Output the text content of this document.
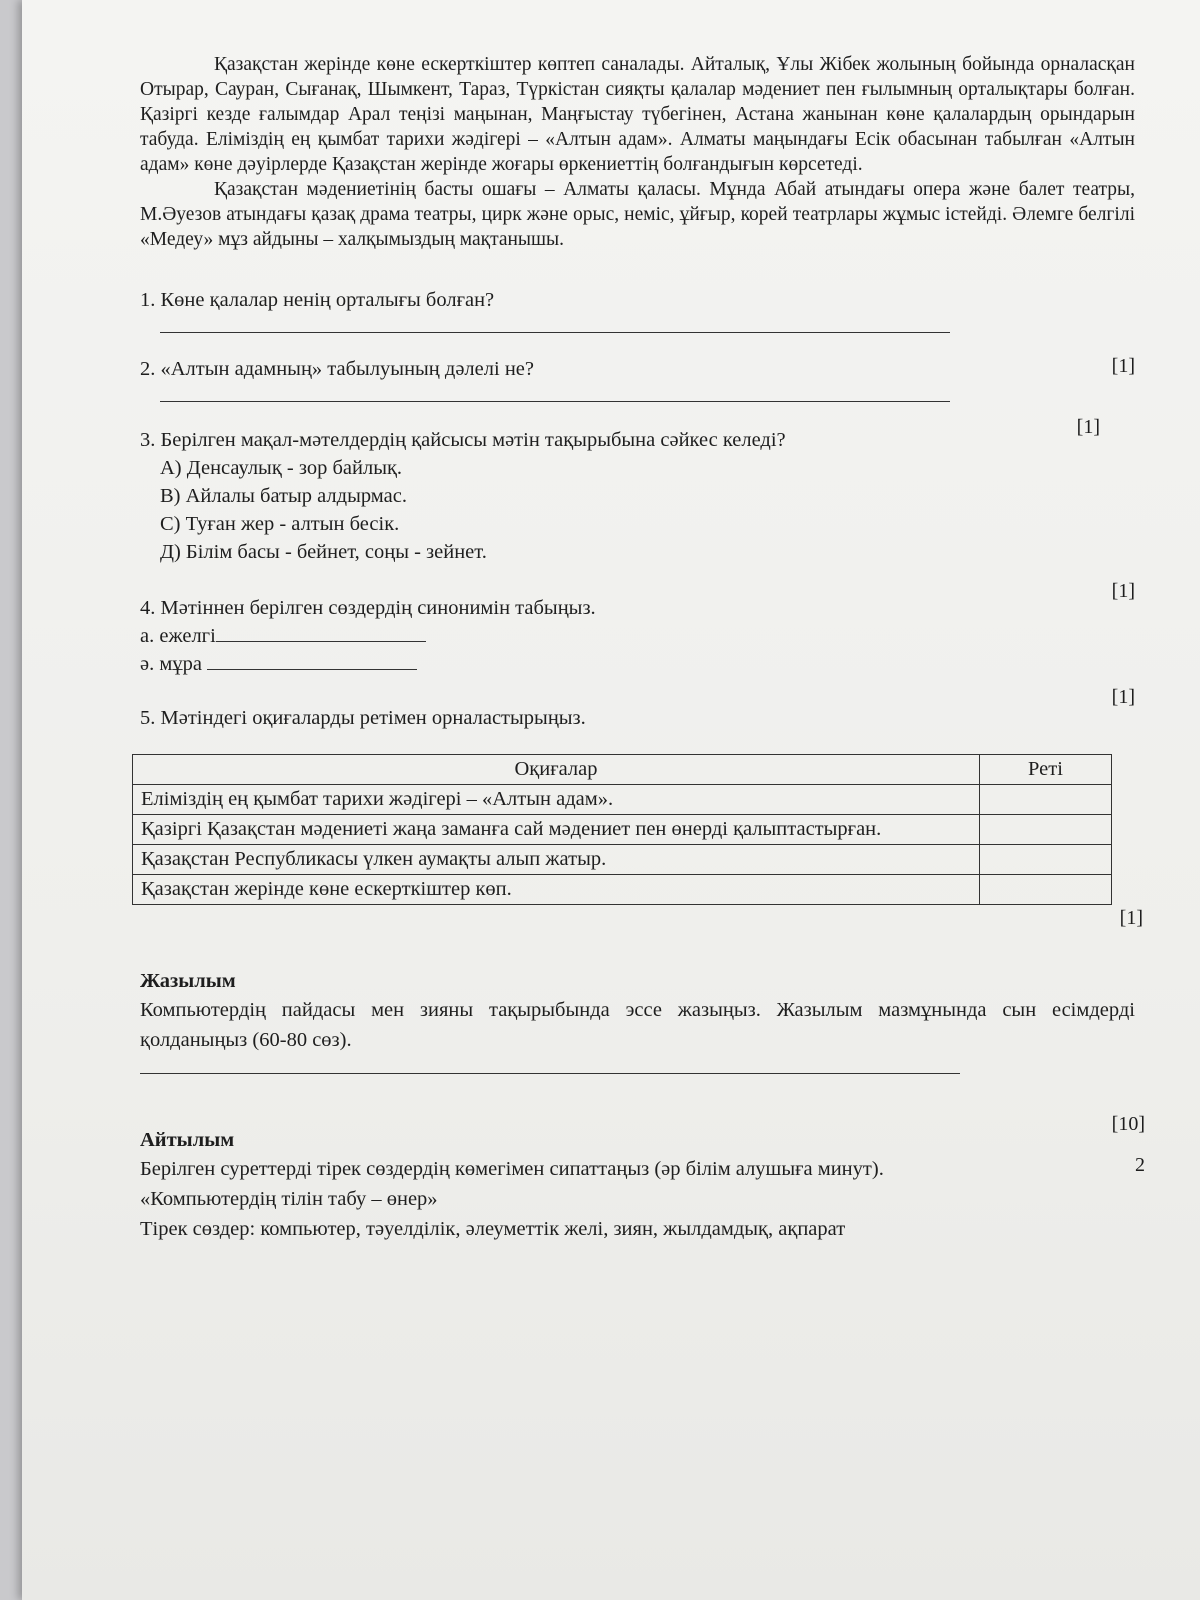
Қазақстан жерінде көне ескерткіштер көптеп саналады. Айталық, Ұлы Жібек жолының бойында орналасқан Отырар, Сауран, Сығанақ, Шымкент, Тараз, Түркістан сияқты қалалар мәдениет пен ғылымның орталықтары болған. Қазіргі кезде ғалымдар Арал теңізі маңынан, Маңғыстау түбегінен, Астана жанынан көне қалалардың орындарын табуда. Еліміздің ең қымбат тарихи жәдігері – «Алтын адам». Алматы маңындағы Есік обасынан табылған «Алтын адам» көне дәуірлерде Қазақстан жерінде жоғары өркениеттің болғандығын көрсетеді.

Қазақстан мәдениетінің басты ошағы – Алматы қаласы. Мұнда Абай атындағы опера және балет театры, М.Әуезов атындағы қазақ драма театры, цирк және орыс, неміс, ұйғыр, корей театрлары жұмыс істейді. Әлемге белгілі «Медеу» мұз айдыны – халқымыздың мақтанышы.

1. Көне қалалар ненің орталығы болған?

[1]

2. «Алтын адамның» табылуының дәлелі не?

[1]

3. Берілген мақал-мәтелдердің қайсысы мәтін тақырыбына сәйкес келеді?

А) Денсаулық - зор байлық.

В) Айлалы батыр алдырмас.

С) Туған жер - алтын бесік.

Д) Білім басы - бейнет, соңы - зейнет.

[1]

4. Мәтіннен берілген сөздердің синонимін табыңыз.

а. ежелгі

ә. мұра

[1]

5. Мәтіндегі оқиғаларды ретімен орналастырыңыз.

Оқиғалар	Реті
Еліміздің ең қымбат тарихи жәдігері – «Алтын адам».	
Қазіргі Қазақстан мәдениеті жаңа заманға сай мәдениет пен өнерді қалыптастырған.	
Қазақстан Республикасы үлкен аумақты алып жатыр.	
Қазақстан жерінде көне ескерткіштер көп.	
[1]

Жазылым

Компьютердің пайдасы мен зияны тақырыбында эссе жазыңыз. Жазылым мазмұнында сын есімдерді қолданыңыз (60-80 сөз).

[10]

Айтылым

Берілген суреттерді тірек сөздердің көмегімен сипаттаңыз (әр білім алушыға минут).	2

«Компьютердің тілін табу – өнер»

Тірек сөздер: компьютер, тәуелділік, әлеуметтік желі, зиян, жылдамдық, ақпарат
